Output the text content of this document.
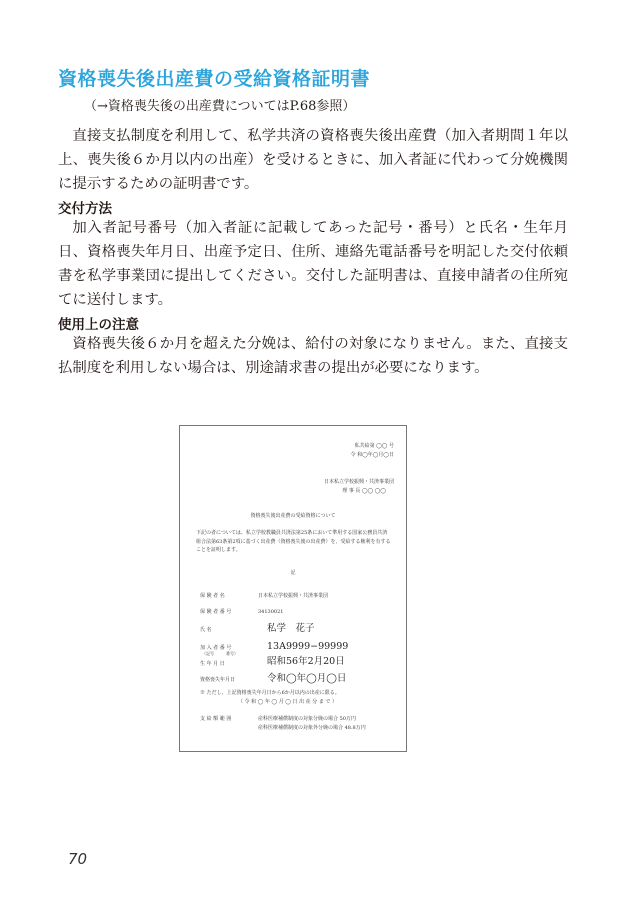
資格喪失後出産費の受給資格証明書
（→資格喪失後の出産費についてはP.68参照）

直接支払制度を利用して、私学共済の資格喪失後出産費（加入者期間１年以上、喪失後６か月以内の出産）を受けるときに、加入者証に代わって分娩機関に提示するための証明書です。

交付方法

加入者記号番号（加入者証に記載してあった記号・番号）と氏名・生年月日、資格喪失年月日、出産予定日、住所、連絡先電話番号を明記した交付依頼書を私学事業団に提出してください。交付した証明書は、直接申請者の住所宛てに送付します。

使用上の注意

資格喪失後６か月を超えた分娩は、給付の対象になりません。また、直接支払制度を利用しない場合は、別途請求書の提出が必要になります。

私共給第 ◯◯ 号
令 和◯年◯月◯日
日本私立学校振興・共済事業団
理 事 長 ◯◯ ◯◯
資格喪失後出産費の受給資格について
下記の者については、私立学校教職員共済法第25条において準用する国家公務員共済組合法第63条第2項に基づく出産費（資格喪失後の出産費）を、受給する権利を有することを証明します。
記
保 険 者 名	日本私立学校振興・共済事業団
保 険 者 番 号	34130021
氏 名	私学　花子
加 入 者 番 号	13A9999−99999
（記号　　　番号）
生 年 月 日	昭和56年2月20日
資格喪失年月日	令和◯年◯月◯日
※ ただし、上記資格喪失年月日から6か月以内の出産に限る。
（ 令 和 ◯ 年 ◯ 月 ◯ 日 出 産 分 ま で ）
支 給 額 範 囲	産科医療補償制度の対象分娩の場合 50万円
産科医療補償制度の対象外分娩の場合 48.8万円
70
